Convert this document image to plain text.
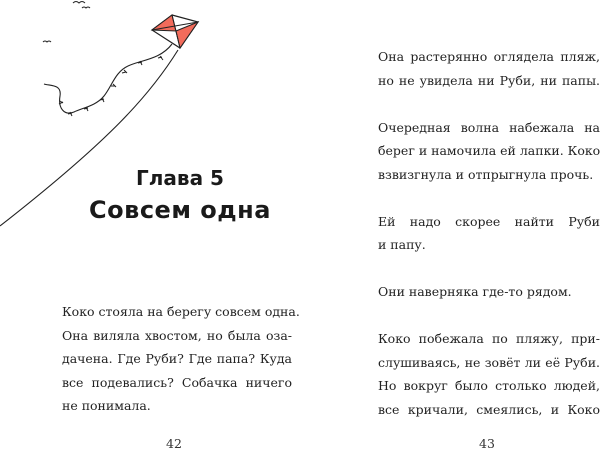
Глава 5
Совсем одна
Коко стояла на берегу совсем одна.
Она виляла хвостом, но была оза-
дачена. Где Руби? Где папа? Куда
все подевались? Собачка ничего
не понимала.
42
Она растерянно оглядела пляж,
но не увидела ни Руби, ни папы.
Очередная волна набежала на
берег и намочила ей лапки. Коко
взвизгнула и отпрыгнула прочь.
Ей надо скорее найти Руби
и папу.
Они наверняка где-то рядом.
Коко побежала по пляжу, при-
слушиваясь, не зовёт ли её Руби.
Но вокруг было столько людей,
все кричали, смеялись, и Коко
43
